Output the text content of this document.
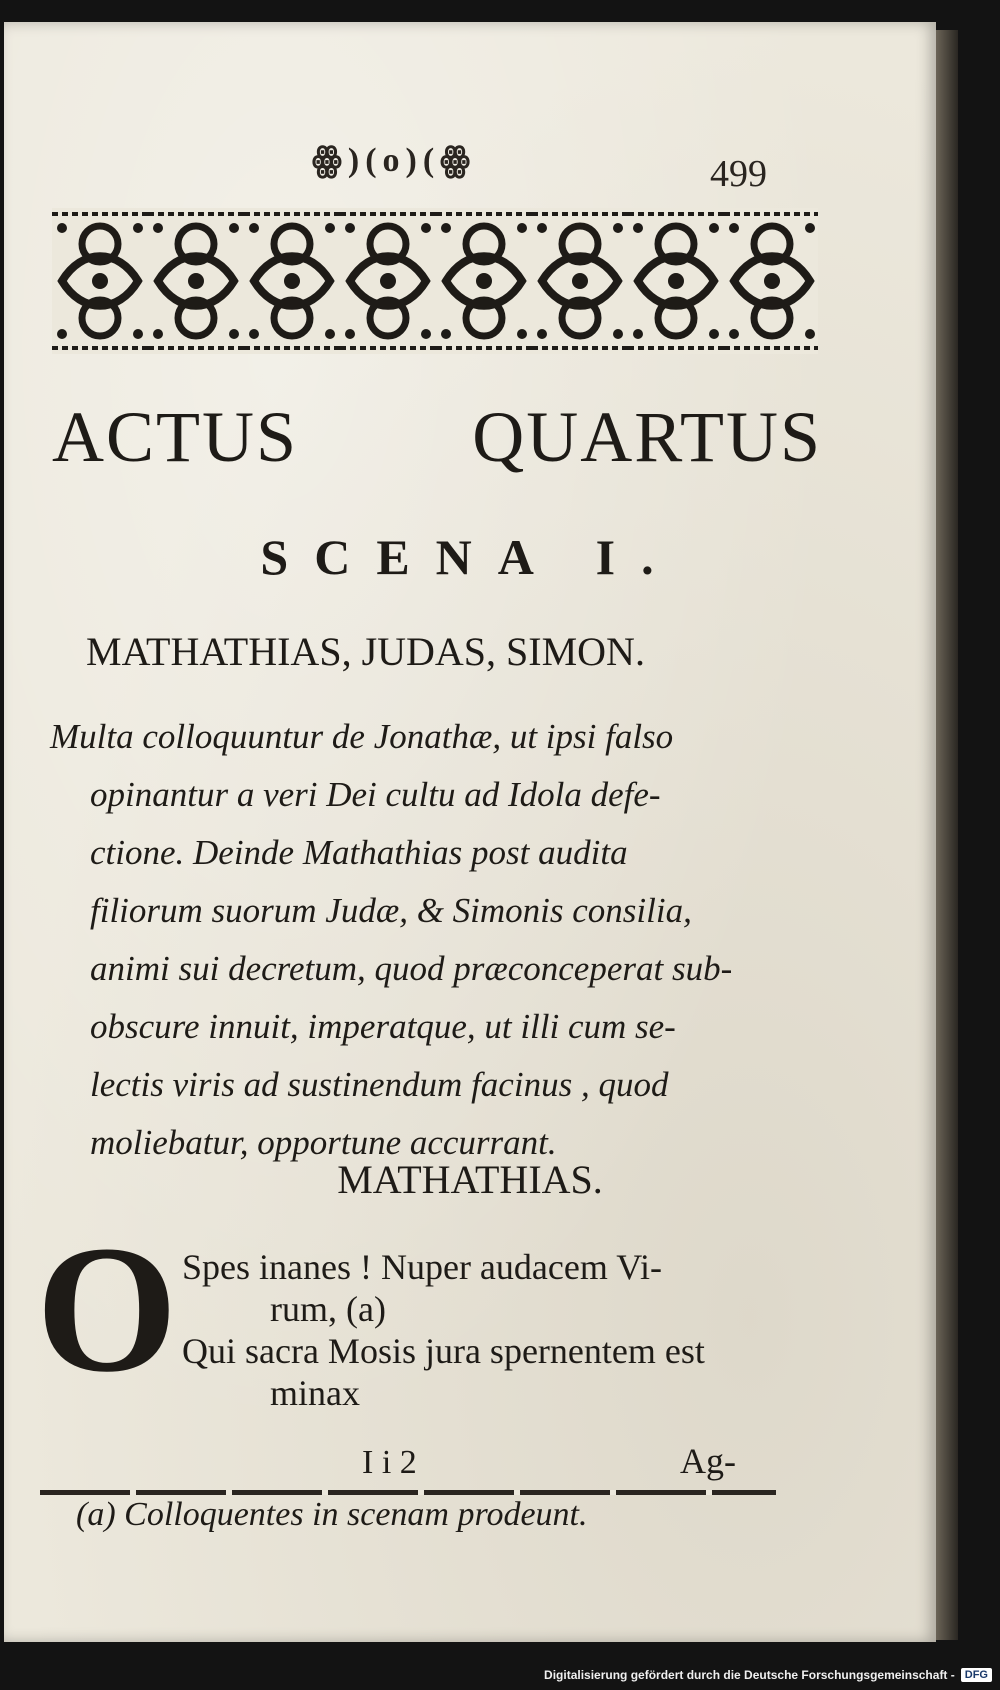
ꙮ)(o)(ꙮ	499
ACTUS QUARTUS
SCENA I.
MATHATHIAS, JUDAS, SIMON.
Multa colloquuntur de Jonathæ, ut ipsi falso
opinantur a veri Dei cultu ad Idola defe-
ctione. Deinde Mathathias post audita
filiorum suorum Judæ, & Simonis consilia,
animi sui decretum, quod præconceperat sub-
obscure innuit, imperatque, ut illi cum se-
lectis viris ad sustinendum facinus , quod
moliebatur, opportune accurrant.
MATHATHIAS.
O Spes inanes ! Nuper audacem Vi-
rum, (a)
Qui sacra Mosis jura spernentem est
minax
I i 2	Ag-
(a) Colloquentes in scenam prodeunt.
Digitalisierung gefördert durch die Deutsche Forschungsgemeinschaft - DFG
